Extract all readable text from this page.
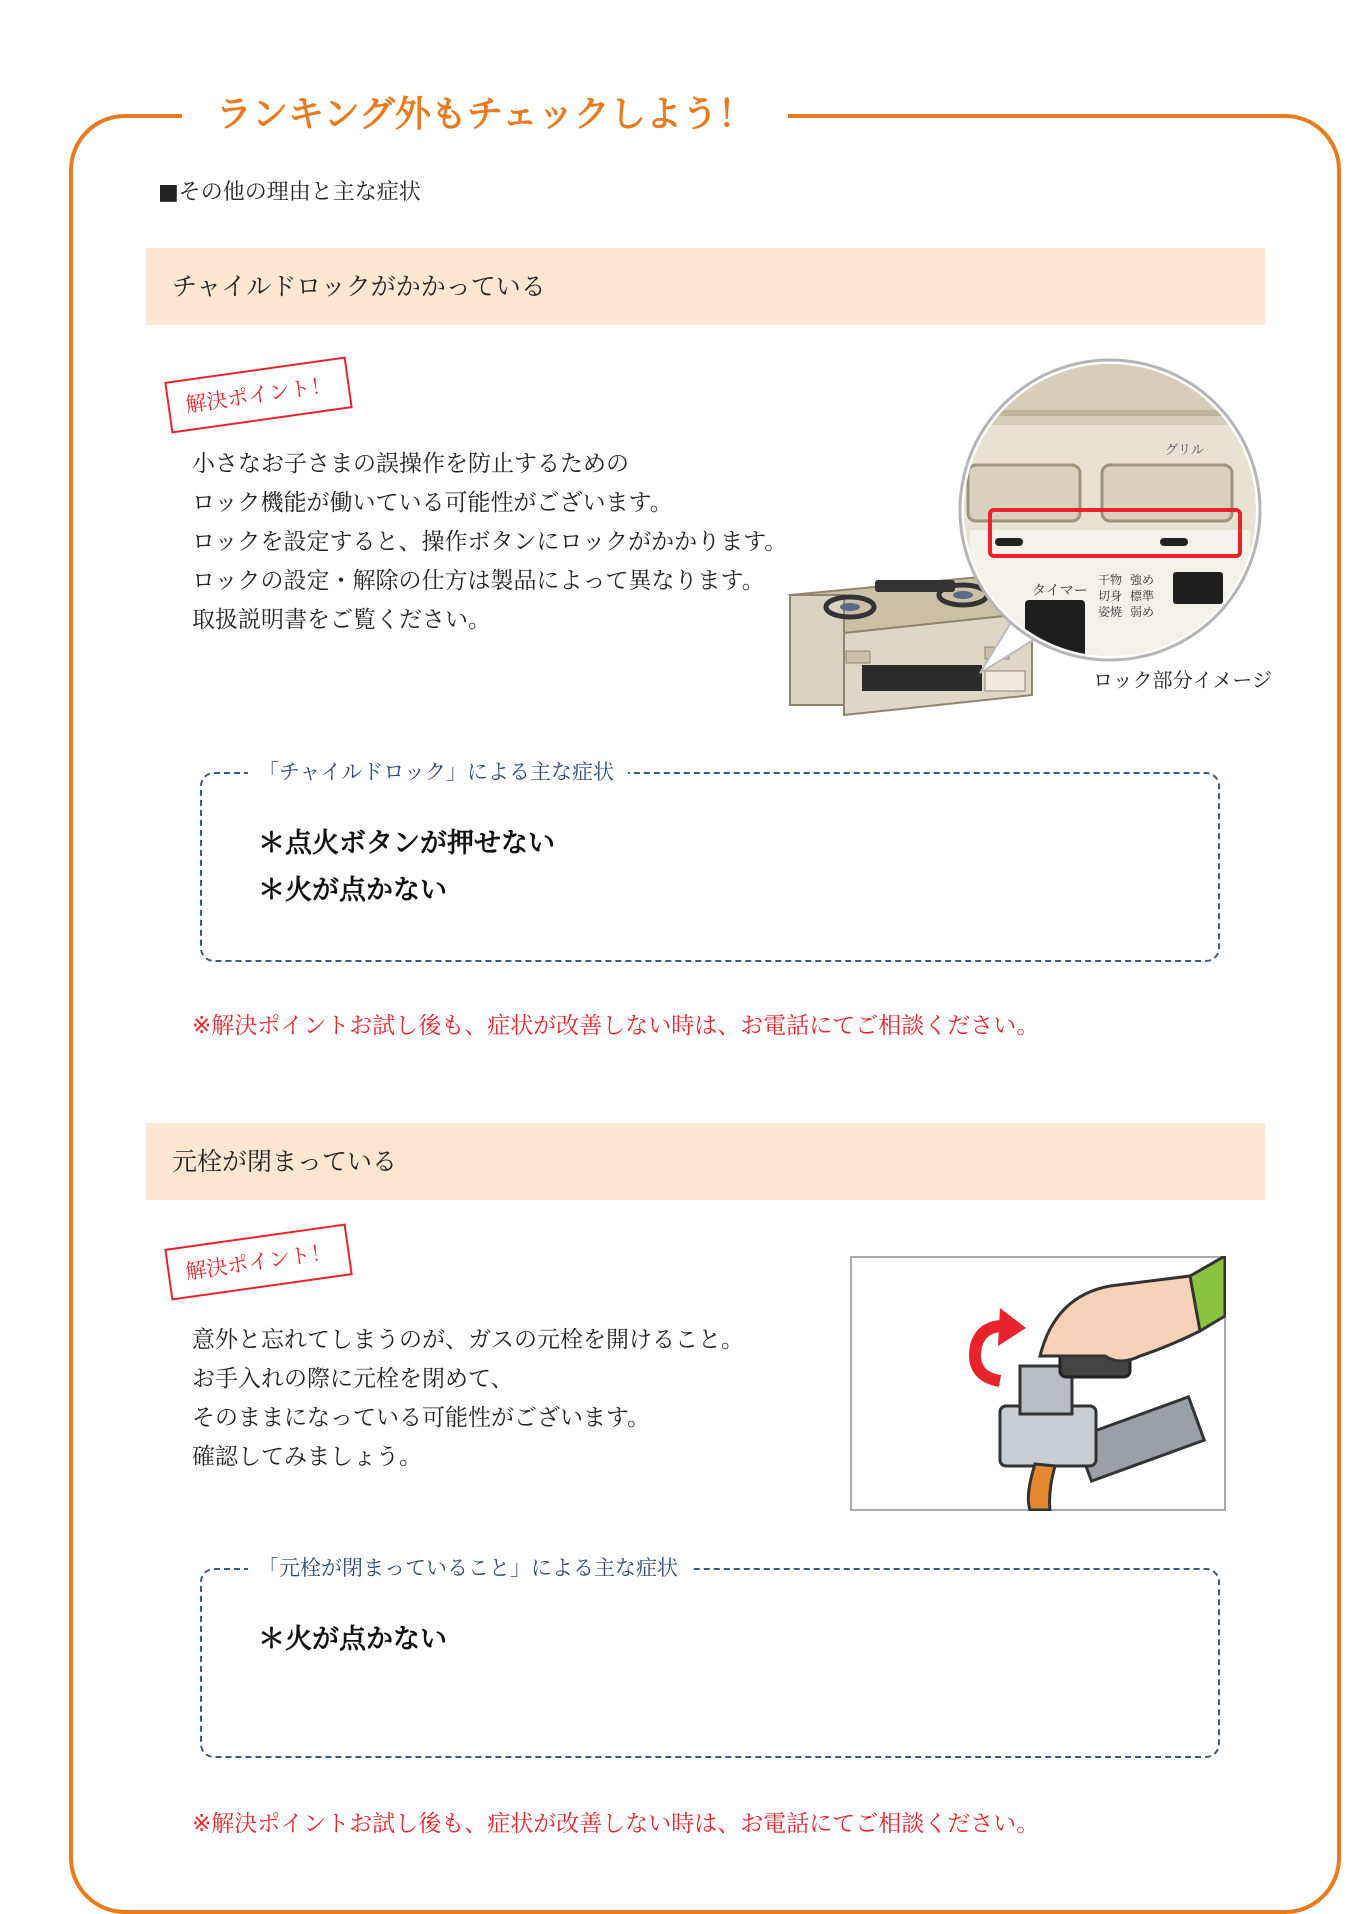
ランキング外もチェックしよう！
■その他の理由と主な症状
チャイルドロックがかかっている
解決ポイント！
小さなお子さまの誤操作を防止するための
ロック機能が働いている可能性がございます。
ロックを設定すると、操作ボタンにロックがかかります。
ロックの設定・解除の仕方は製品によって異なります。
取扱説明書をご覧ください。
グリル
タイマー
干物
切身
姿焼
強め
標準
弱め
ロック部分イメージ
「チャイルドロック」による主な症状
＊点火ボタンが押せない
＊火が点かない
※解決ポイントお試し後も、症状が改善しない時は、お電話にてご相談ください。
元栓が閉まっている
解決ポイント！
意外と忘れてしまうのが、ガスの元栓を開けること。
お手入れの際に元栓を閉めて、
そのままになっている可能性がございます。
確認してみましょう。
「元栓が閉まっていること」による主な症状
＊火が点かない
※解決ポイントお試し後も、症状が改善しない時は、お電話にてご相談ください。
